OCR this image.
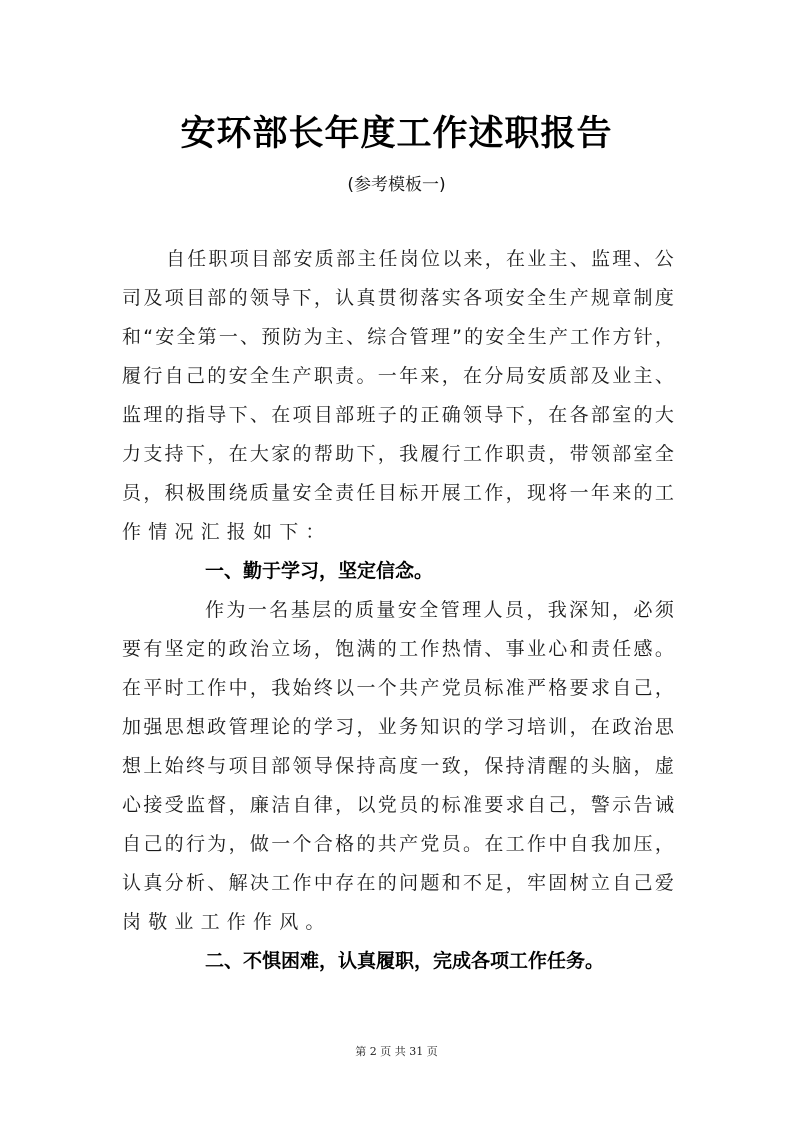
安环部长年度工作述职报告
(参考模板一)
自 任 职 项 目 部 安 质 部 主 任 岗 位 以 来 ， 在 业 主 、 监 理 、 公
司 及 项 目 部 的 领 导 下 ， 认 真 贯 彻 落 实 各 项 安 全 生 产 规 章 制 度
和 “ 安 全 第 一 、 预 防 为 主 、 综 合 管 理 ” 的 安 全 生 产 工 作 方 针 ，
履 行 自 己 的 安 全 生 产 职 责 。 一 年 来 ， 在 分 局 安 质 部 及 业 主 、
监 理 的 指 导 下 、 在 项 目 部 班 子 的 正 确 领 导 下 ， 在 各 部 室 的 大
力 支 持 下 ， 在 大 家 的 帮 助 下 ， 我 履 行 工 作 职 责 ， 带 领 部 室 全
员 ， 积 极 围 绕 质 量 安 全 责 任 目 标 开 展 工 作 ， 现 将 一 年 来 的 工
作情况汇报如下：
一、勤于学习，坚定信念。
作 为 一 名 基 层 的 质 量 安 全 管 理 人 员 ， 我 深 知 ， 必 须
要 有 坚 定 的 政 治 立 场 ， 饱 满 的 工 作 热 情 、 事 业 心 和 责 任 感 。
在 平 时 工 作 中 ， 我 始 终 以 一 个 共 产 党 员 标 准 严 格 要 求 自 己 ，
加 强 思 想 政 管 理 论 的 学 习 ， 业 务 知 识 的 学 习 培 训 ， 在 政 治 思
想 上 始 终 与 项 目 部 领 导 保 持 高 度 一 致 ， 保 持 清 醒 的 头 脑 ， 虚
心 接 受 监 督 ， 廉 洁 自 律 ， 以 党 员 的 标 准 要 求 自 己 ， 警 示 告 诫
自 己 的 行 为 ， 做 一 个 合 格 的 共 产 党 员 。 在 工 作 中 自 我 加 压 ，
认 真 分 析 、 解 决 工 作 中 存 在 的 问 题 和 不 足 ， 牢 固 树 立 自 己 爱
岗敬业工作作风。
二、不惧困难，认真履职，完成各项工作任务。
第 2 页 共 31 页
